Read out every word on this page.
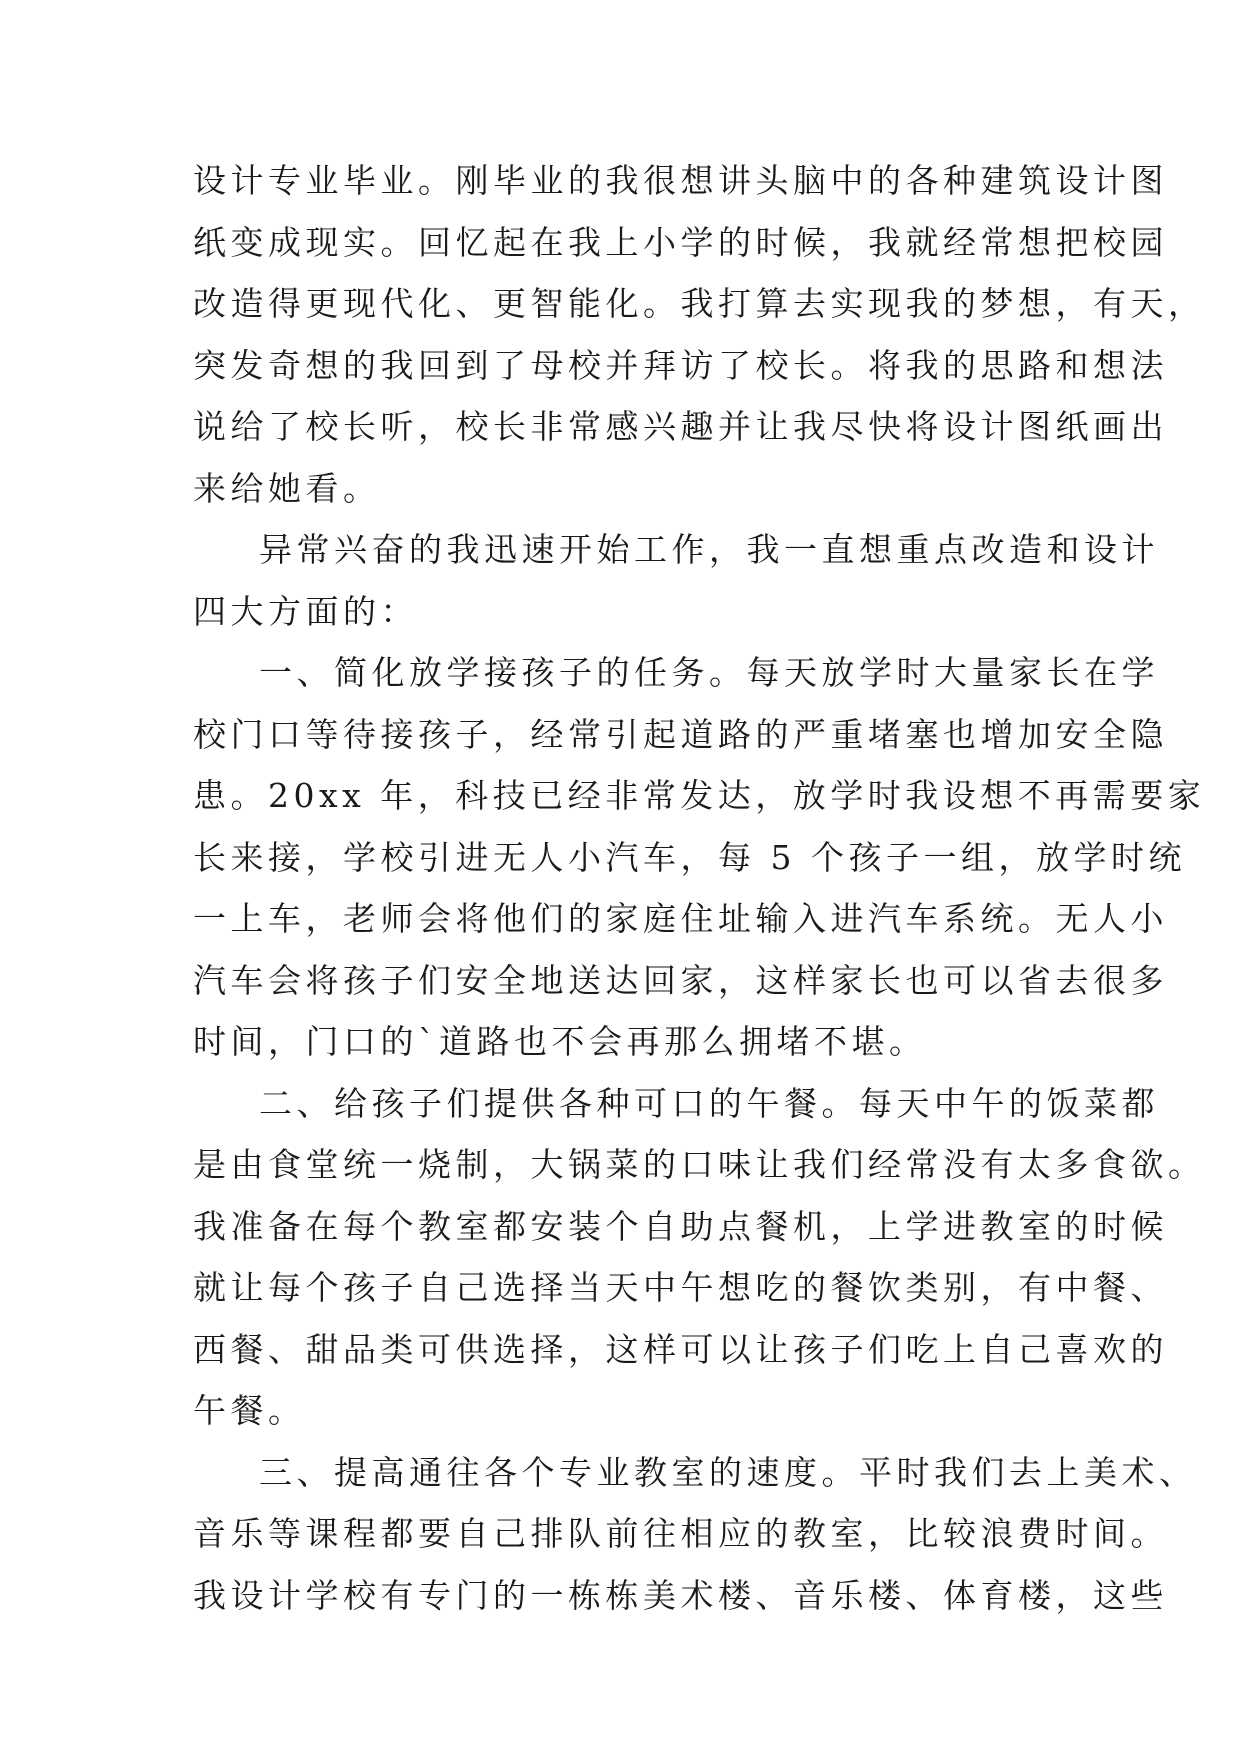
设计专业毕业。刚毕业的我很想讲头脑中的各种建筑设计图
纸变成现实。回忆起在我上小学的时候，我就经常想把校园
改造得更现代化、更智能化。我打算去实现我的梦想，有天，
突发奇想的我回到了母校并拜访了校长。将我的思路和想法
说给了校长听，校长非常感兴趣并让我尽快将设计图纸画出
来给她看。
异常兴奋的我迅速开始工作，我一直想重点改造和设计
四大方面的：
一、简化放学接孩子的任务。每天放学时大量家长在学
校门口等待接孩子，经常引起道路的严重堵塞也增加安全隐
患。20xx 年，科技已经非常发达，放学时我设想不再需要家
长来接，学校引进无人小汽车，每 5 个孩子一组，放学时统
一上车，老师会将他们的家庭住址输入进汽车系统。无人小
汽车会将孩子们安全地送达回家，这样家长也可以省去很多
时间，门口的`道路也不会再那么拥堵不堪。
二、给孩子们提供各种可口的午餐。每天中午的饭菜都
是由食堂统一烧制，大锅菜的口味让我们经常没有太多食欲。
我准备在每个教室都安装个自助点餐机，上学进教室的时候
就让每个孩子自己选择当天中午想吃的餐饮类别，有中餐、
西餐、甜品类可供选择，这样可以让孩子们吃上自己喜欢的
午餐。
三、提高通往各个专业教室的速度。平时我们去上美术、
音乐等课程都要自己排队前往相应的教室，比较浪费时间。
我设计学校有专门的一栋栋美术楼、音乐楼、体育楼，这些
